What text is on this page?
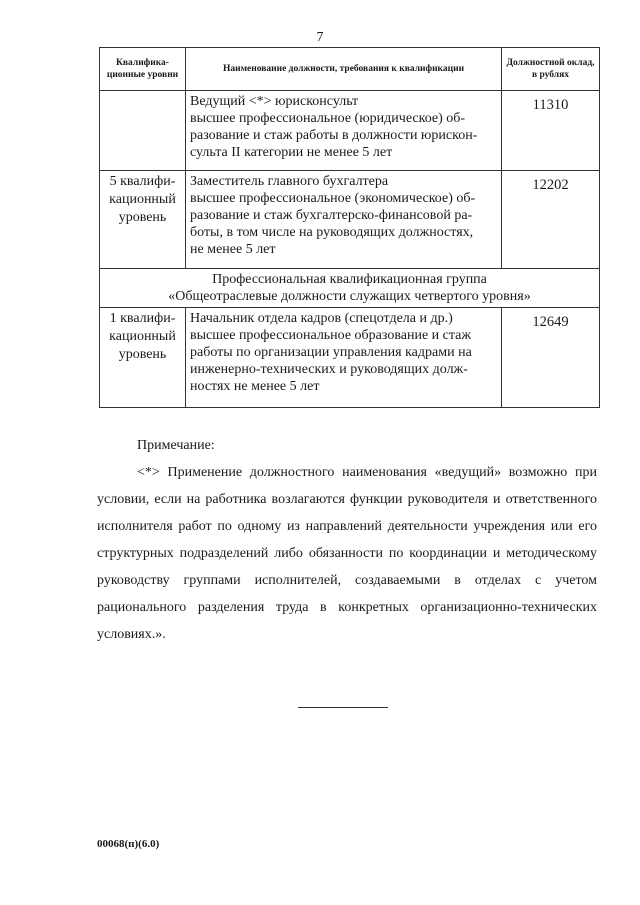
7
Квалифика-ционные уровни	Наименование должности, требования к квалификации	Должностной оклад, в рублях

	Ведущий <*> юрисконсульт
высшее профессиональное (юридическое) об-
разование и стаж работы в должности юрискон-
сульта II категории не менее 5 лет	11310
5 квалифи-кационный уровень	Заместитель главного бухгалтера
высшее профессиональное (экономическое) об-
разование и стаж бухгалтерско-финансовой ра-
боты, в том числе на руководящих должностях,
не менее 5 лет	12202

Профессиональная квалификационная группа
«Общеотраслевые должности служащих четвертого уровня»		

1 квалифи-кационный уровень	Начальник отдела кадров (спецотдела и др.)
высшее профессиональное образование и стаж
работы по организации управления кадрами на
инженерно-технических и руководящих долж-
ностях не менее 5 лет	12649
Примечание:
<*> Применение должностного наименования «ведущий» возможно при условии, если на работника возлагаются функции руководителя и ответственного исполнителя работ по одному из направлений деятельности учреждения или его структурных подразделений либо обязанности по координации и методическому руководству группами исполнителей, создаваемыми в отделах с учетом рационального разделения труда в конкретных организационно-технических условиях.».
00068(п)(6.0)
